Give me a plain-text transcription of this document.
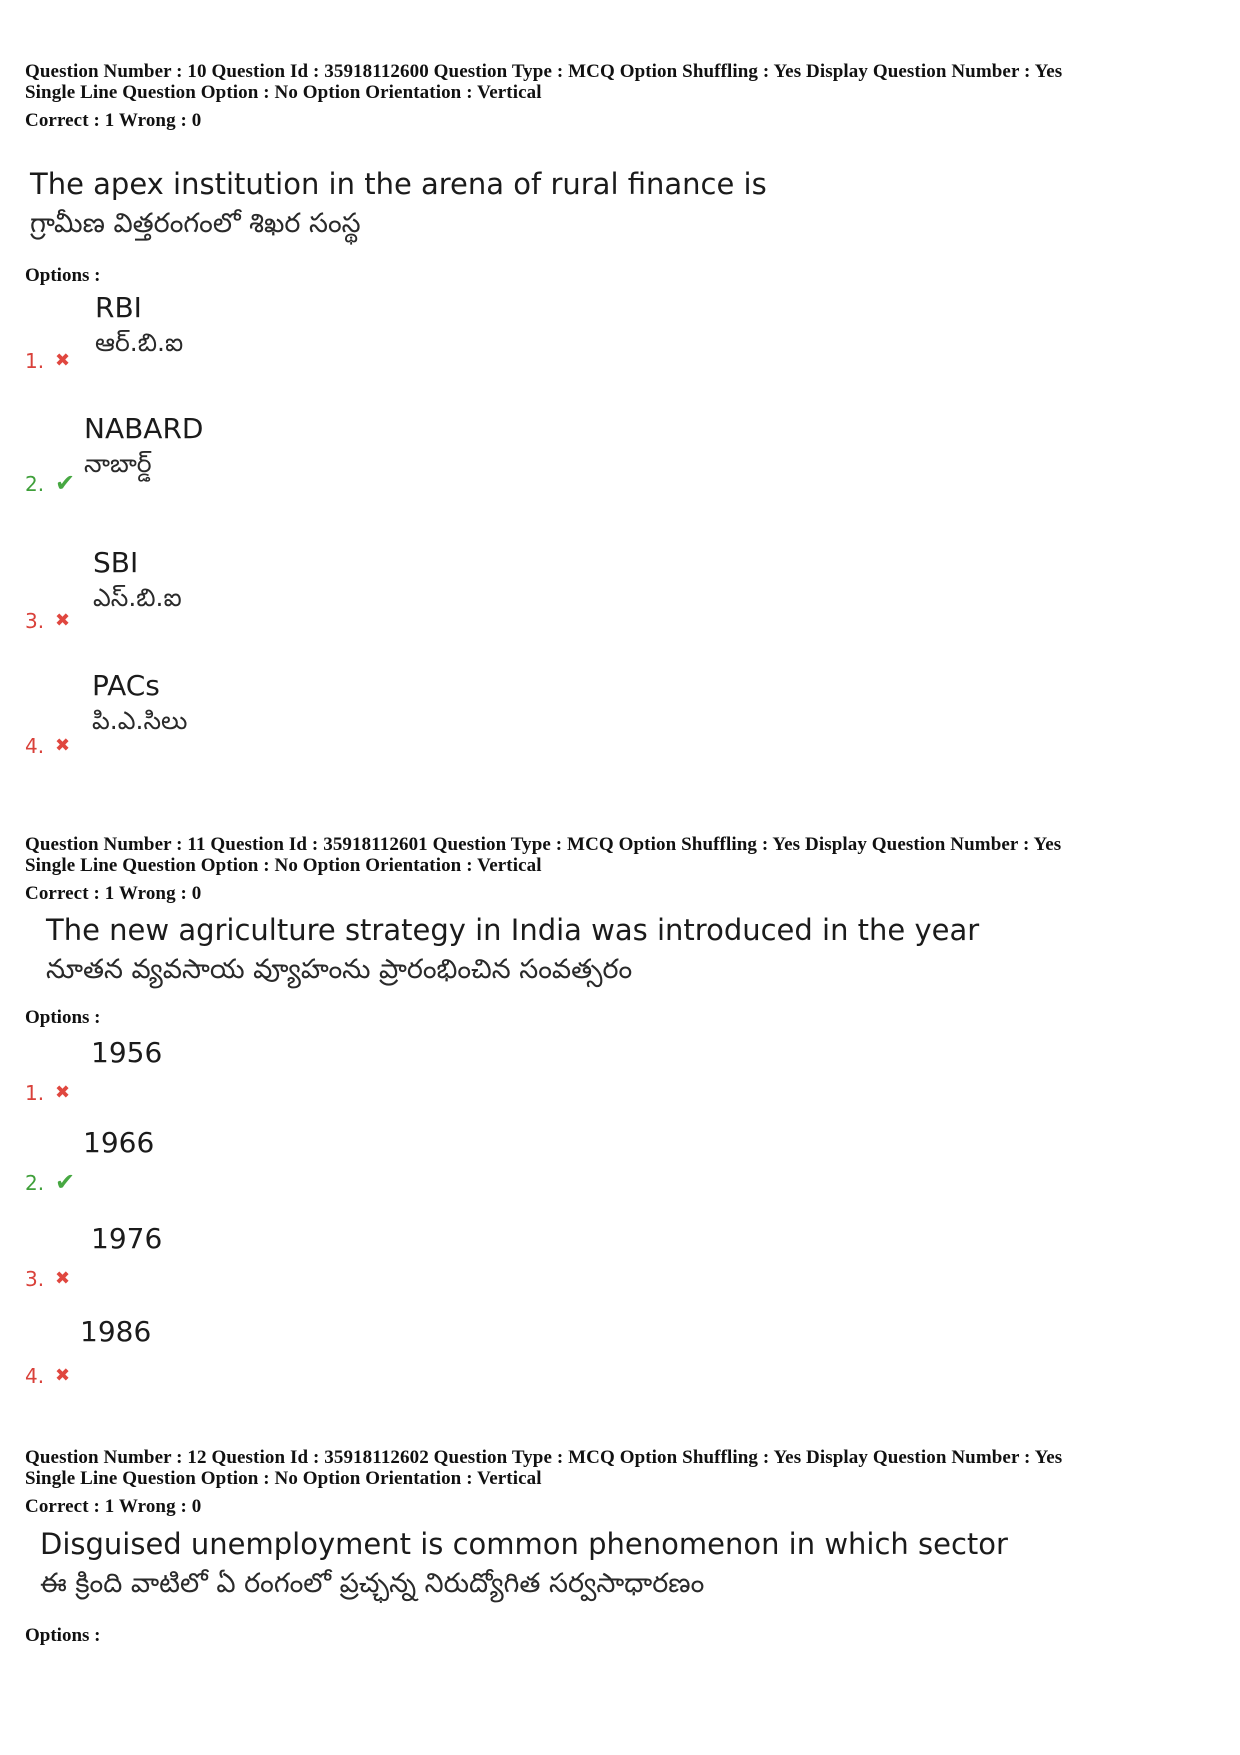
Question Number : 10 Question Id : 35918112600 Question Type : MCQ Option Shuffling : Yes Display Question Number : Yes
Single Line Question Option : No Option Orientation : Vertical
Correct : 1 Wrong : 0
The apex institution in the arena of rural finance is
గ్రామీణ విత్తరంగంలో శిఖర సంస్థ
Options :
1. ✖
RBI
ఆర్.బి.ఐ
2. ✔
NABARD
నాబార్డ్
3. ✖
SBI
ఎస్.బి.ఐ
4. ✖
PACs
పి.ఎ.సిలు
Question Number : 11 Question Id : 35918112601 Question Type : MCQ Option Shuffling : Yes Display Question Number : Yes
Single Line Question Option : No Option Orientation : Vertical
Correct : 1 Wrong : 0
The new agriculture strategy in India was introduced in the year
నూతన వ్యవసాయ వ్యూహంను ప్రారంభించిన సంవత్సరం
Options :
1. ✖
1956
2. ✔
1966
3. ✖
1976
4. ✖
1986
Question Number : 12 Question Id : 35918112602 Question Type : MCQ Option Shuffling : Yes Display Question Number : Yes
Single Line Question Option : No Option Orientation : Vertical
Correct : 1 Wrong : 0
Disguised unemployment is common phenomenon in which sector
ఈ క్రింది వాటిలో ఏ రంగంలో ప్రచ్ఛన్న నిరుద్యోగిత సర్వసాధారణం
Options :
